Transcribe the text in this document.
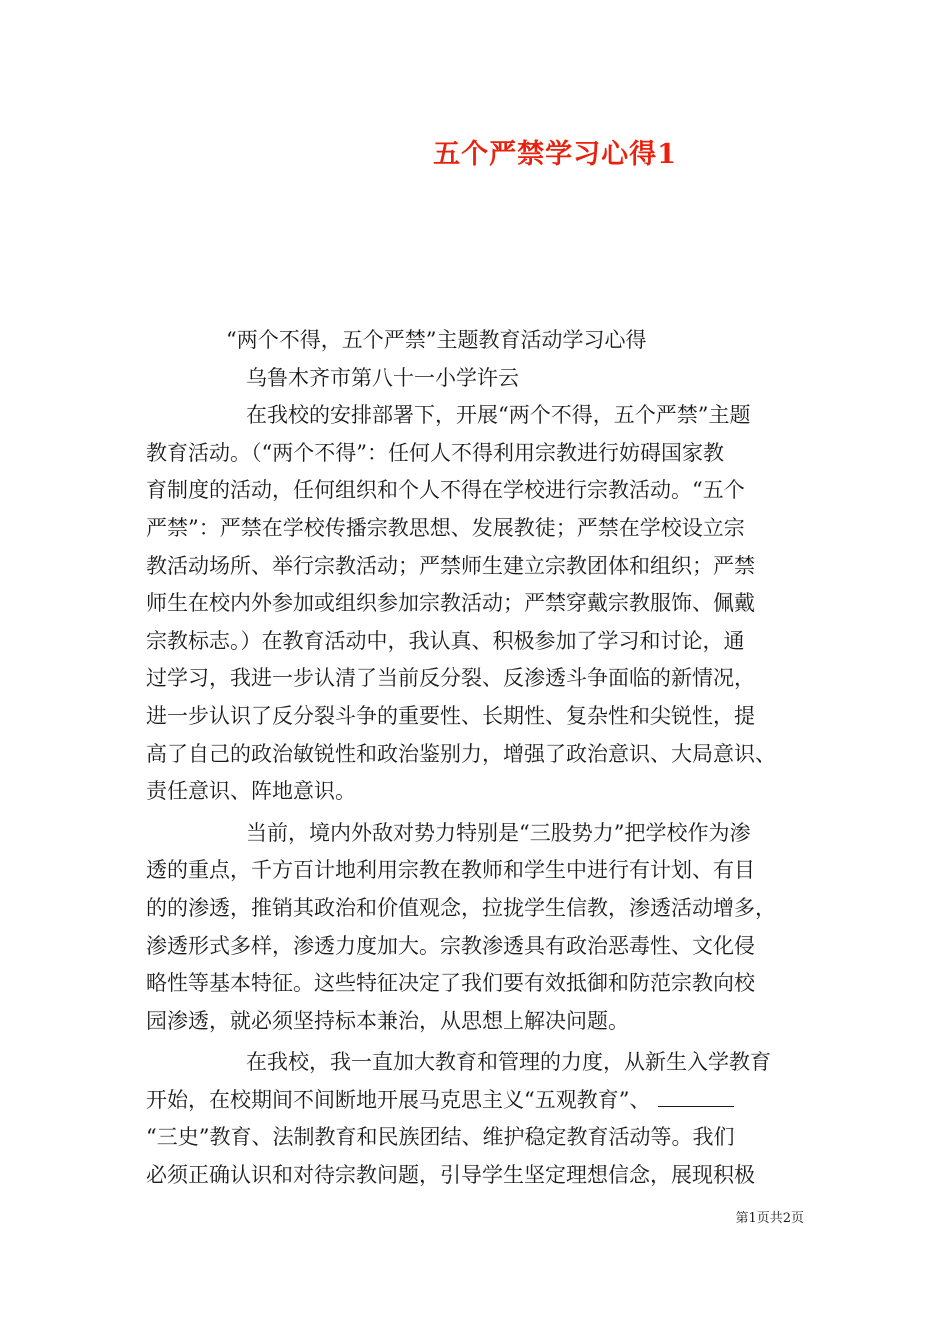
五个严禁学习心得1
“两个不得，五个严禁”主题教育活动学习心得
乌鲁木齐市第八十一小学许云
在我校的安排部署下，开展“两个不得，五个严禁”主题
教育活动。（“两个不得”：任何人不得利用宗教进行妨碍国家教
育制度的活动，任何组织和个人不得在学校进行宗教活动。“五个
严禁”：严禁在学校传播宗教思想、发展教徒；严禁在学校设立宗
教活动场所、举行宗教活动；严禁师生建立宗教团体和组织；严禁
师生在校内外参加或组织参加宗教活动；严禁穿戴宗教服饰、佩戴
宗教标志。）在教育活动中，我认真、积极参加了学习和讨论，通
过学习，我进一步认清了当前反分裂、反渗透斗争面临的新情况，
进一步认识了反分裂斗争的重要性、长期性、复杂性和尖锐性，提
高了自己的政治敏锐性和政治鉴别力，增强了政治意识、大局意识、
责任意识、阵地意识。
当前，境内外敌对势力特别是“三股势力”把学校作为渗
透的重点，千方百计地利用宗教在教师和学生中进行有计划、有目
的的渗透，推销其政治和价值观念，拉拢学生信教，渗透活动增多，
渗透形式多样，渗透力度加大。宗教渗透具有政治恶毒性、文化侵
略性等基本特征。这些特征决定了我们要有效抵御和防范宗教向校
园渗透，就必须坚持标本兼治，从思想上解决问题。
在我校，我一直加大教育和管理的力度，从新生入学教育
开始，在校期间不间断地开展马克思主义“五观教育”、
“三史”教育、法制教育和民族团结、维护稳定教育活动等。我们
必须正确认识和对待宗教问题，引导学生坚定理想信念，展现积极
第1页共2页
